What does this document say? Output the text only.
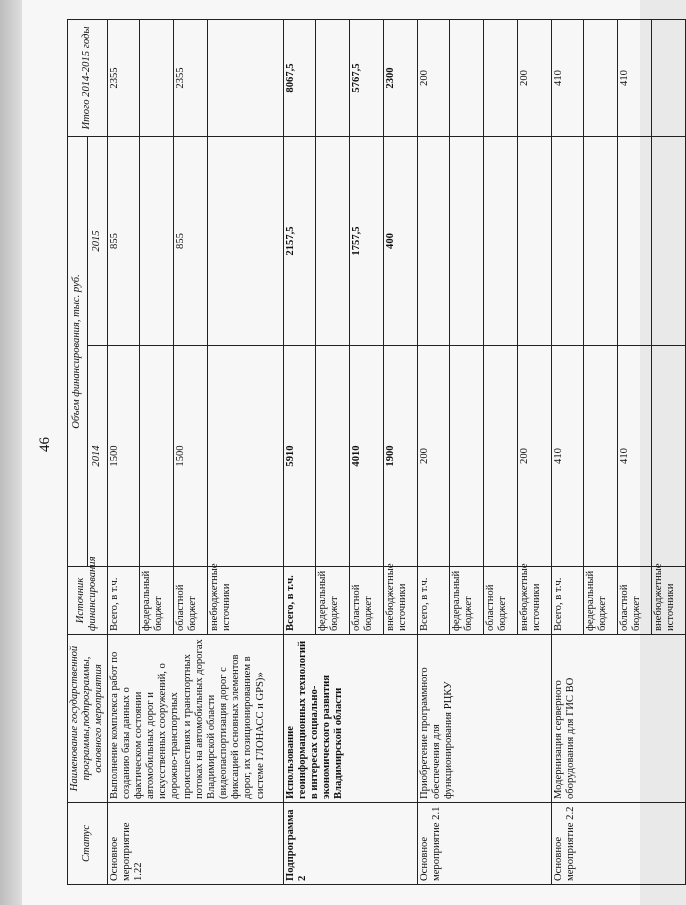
46
Статус	Наименование государственной программы,подпрограммы, основного мероприятия	Источник финансирования	Объем финансирования, тыс. руб.		Итого 2014-2015 годы
			2014	2015	
Основное мероприятие 1.22	Выполнение комплекса работ по созданию базы данных о фактическом состоянии автомобильных дорог и искусственных сооружений, о дорожно-транспортных происшествиях и транспортных потоках на автомобильных дорогах Владимирской области (видеопаспортизация дорог с фиксацией основных элементов дорог, их позиционированием в системе ГЛОНАСС и GPS)»	Всего, в т.ч.	1500	855	2355
		федеральный бюджет			
		областной бюджет	1500	855	2355
		внебюджетные источники			
Подпрограмма 2	Использование геоинформационных технологий в интересах социально-экономического развития Владимирской области	Всего, в т.ч.	5910	2157,5	8067,5
		федеральный бюджет			
		областной бюджет	4010	1757,5	5767,5
		внебюджетные источники	1900	400	2300
Основное мероприятие 2.1	Приобретение программного обеспечения для функционирования РЦКУ	Всего, в т.ч.	200		200
		федеральный бюджет			
		областной бюджет			
		внебюджетные источники	200		200
Основное мероприятие 2.2	Модернизация серверного оборудования для ГИС ВО	Всего, в т.ч.	410		410
		федеральный бюджет			
		областной бюджет	410		410
		внебюджетные источники			
